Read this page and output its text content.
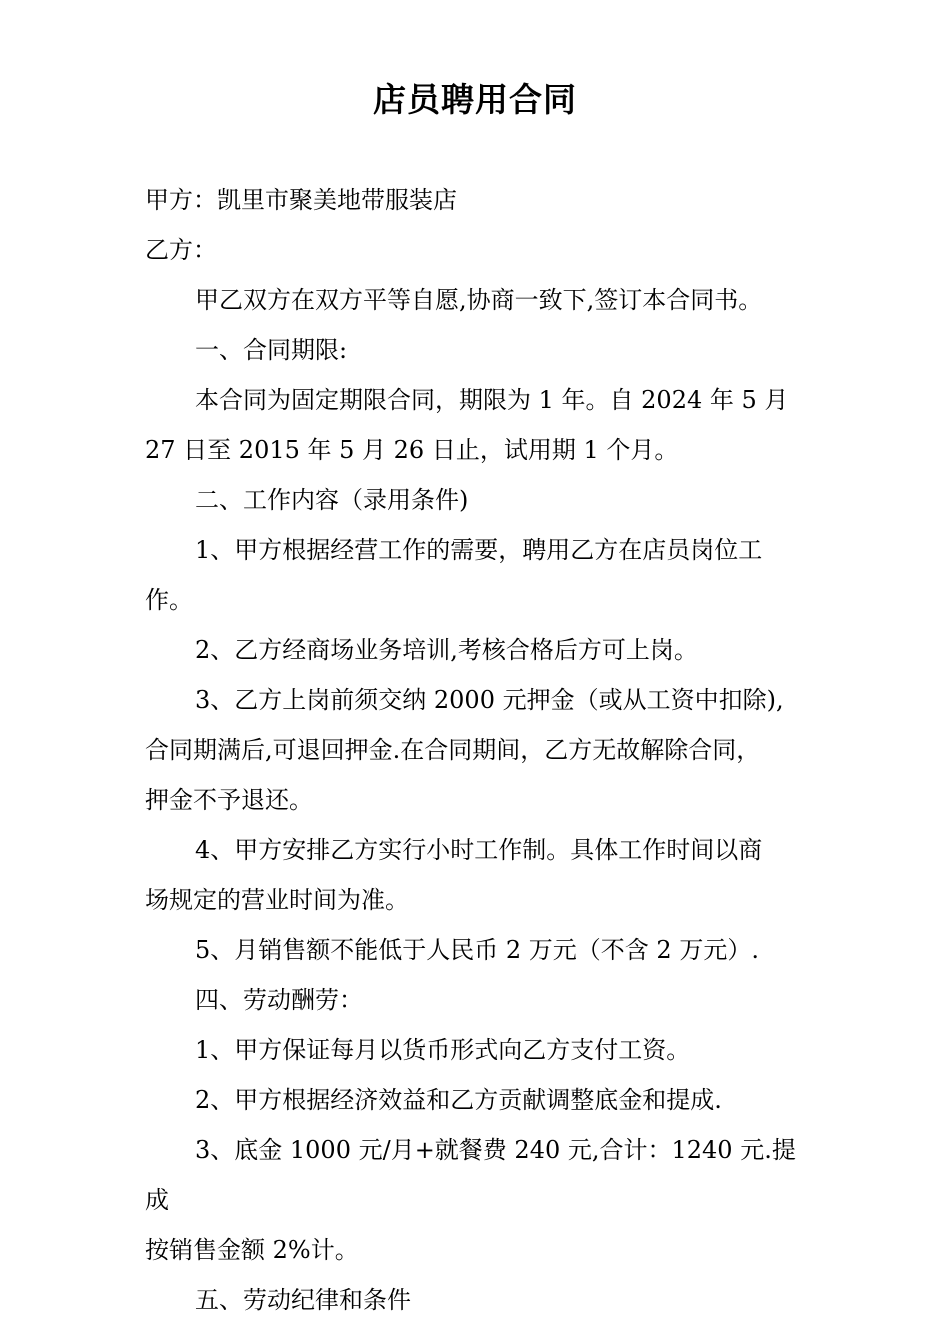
店员聘用合同

甲方：凯里市聚美地带服装店

乙方：

甲乙双方在双方平等自愿,协商一致下,签订本合同书。

一、合同期限:

本合同为固定期限合同，期限为 1 年。自 2024 年 5 月
27 日至 2015 年 5 月 26 日止，试用期 1 个月。

二、工作内容（录用条件)

1、甲方根据经营工作的需要，聘用乙方在店员岗位工
作。

2、乙方经商场业务培训,考核合格后方可上岗。

3、乙方上岗前须交纳 2000 元押金（或从工资中扣除),
合同期满后,可退回押金.在合同期间，乙方无故解除合同，
押金不予退还。

4、甲方安排乙方实行小时工作制。具体工作时间以商
场规定的营业时间为准。

5、月销售额不能低于人民币 2 万元（不含 2 万元）.

四、劳动酬劳：

1、甲方保证每月以货币形式向乙方支付工资。

2、甲方根据经济效益和乙方贡献调整底金和提成.

3、底金 1000 元/月+就餐费 240 元,合计：1240 元.提成
按销售金额 2%计。

五、劳动纪律和条件
